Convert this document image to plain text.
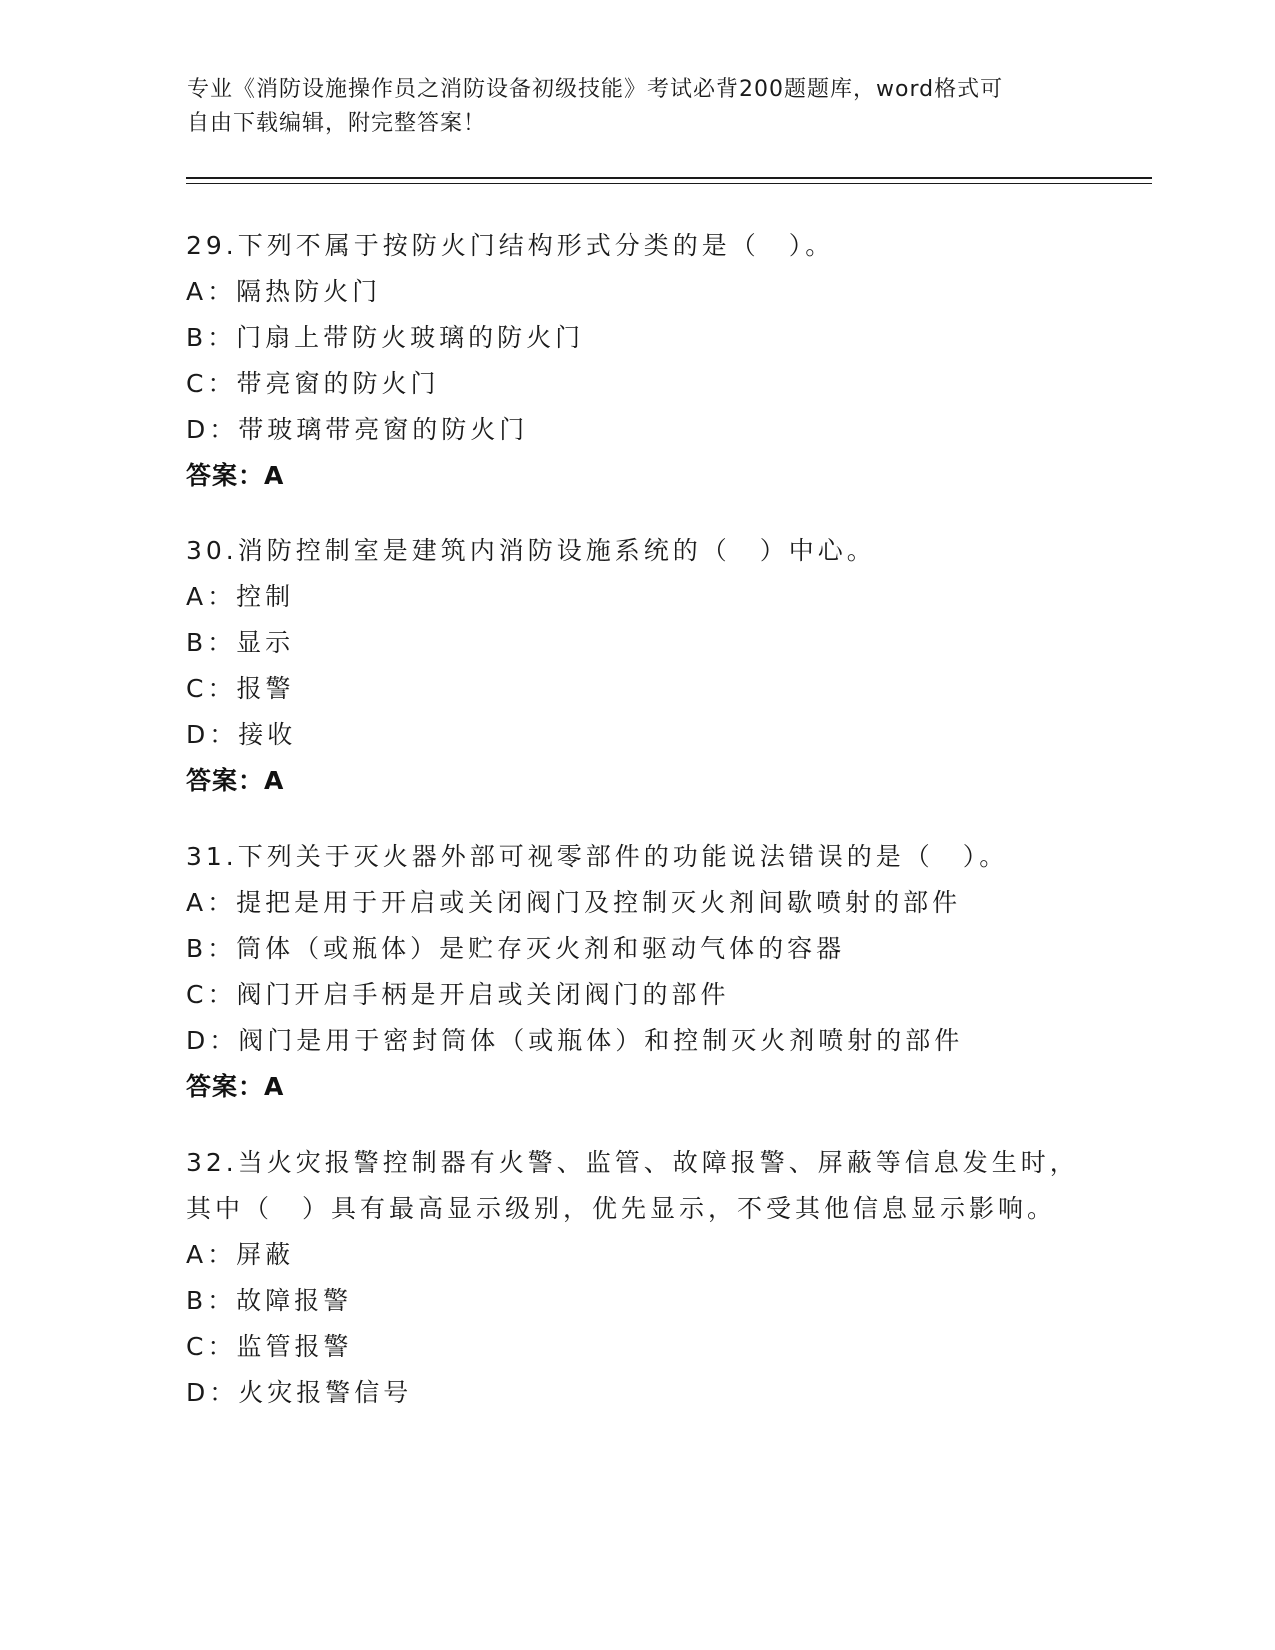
专业《消防设施操作员之消防设备初级技能》考试必背200题题库，word格式可
自由下载编辑，附完整答案！
29.下列不属于按防火门结构形式分类的是（　）。
A：隔热防火门
B：门扇上带防火玻璃的防火门
C：带亮窗的防火门
D：带玻璃带亮窗的防火门
答案：A
30.消防控制室是建筑内消防设施系统的（　）中心。
A：控制
B：显示
C：报警
D：接收
答案：A
31.下列关于灭火器外部可视零部件的功能说法错误的是（　）。
A：提把是用于开启或关闭阀门及控制灭火剂间歇喷射的部件
B：筒体（或瓶体）是贮存灭火剂和驱动气体的容器
C：阀门开启手柄是开启或关闭阀门的部件
D：阀门是用于密封筒体（或瓶体）和控制灭火剂喷射的部件
答案：A
32.当火灾报警控制器有火警、监管、故障报警、屏蔽等信息发生时，
其中（　）具有最高显示级别，优先显示，不受其他信息显示影响。
A：屏蔽
B：故障报警
C：监管报警
D：火灾报警信号
